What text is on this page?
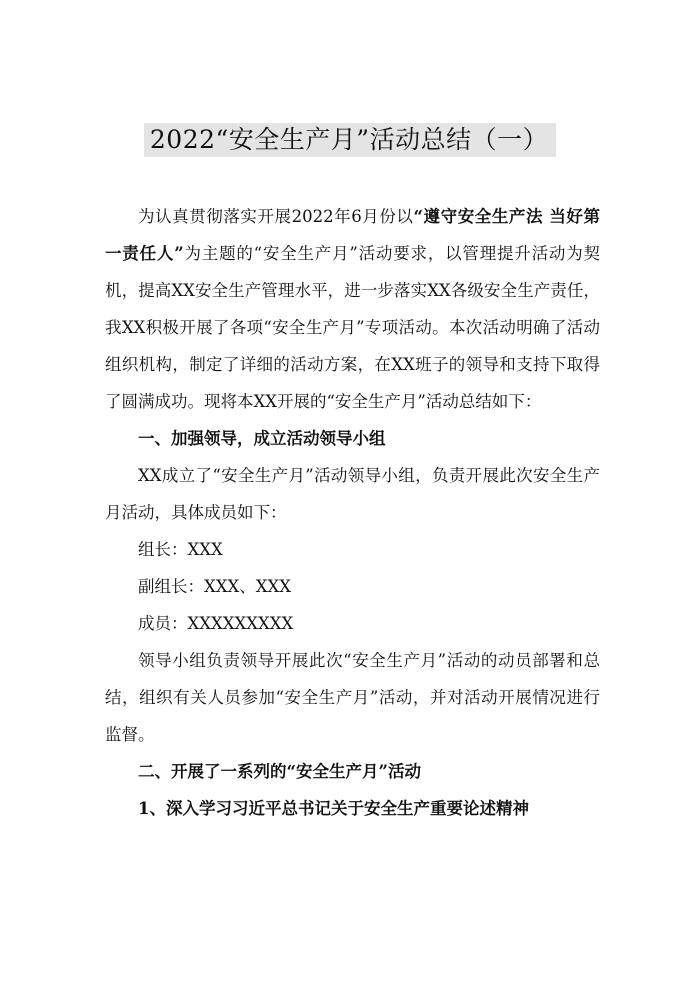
2022“安全生产月”活动总结（一）

为认真贯彻落实开展2022年6月份以“遵守安全生产法 当好第一责任人”为主题的“安全生产月”活动要求，以管理提升活动为契机，提高XX安全生产管理水平，进一步落实XX各级安全生产责任，我XX积极开展了各项“安全生产月”专项活动。本次活动明确了活动组织机构，制定了详细的活动方案，在XX班子的领导和支持下取得了圆满成功。现将本XX开展的“安全生产月”活动总结如下：

一、加强领导，成立活动领导小组

XX成立了“安全生产月”活动领导小组，负责开展此次安全生产月活动，具体成员如下：

组长：XXX

副组长：XXX、XXX

成员：XXXXXXXXX

领导小组负责领导开展此次“安全生产月”活动的动员部署和总结，组织有关人员参加“安全生产月”活动，并对活动开展情况进行监督。

二、开展了一系列的“安全生产月”活动

1、深入学习习近平总书记关于安全生产重要论述精神
